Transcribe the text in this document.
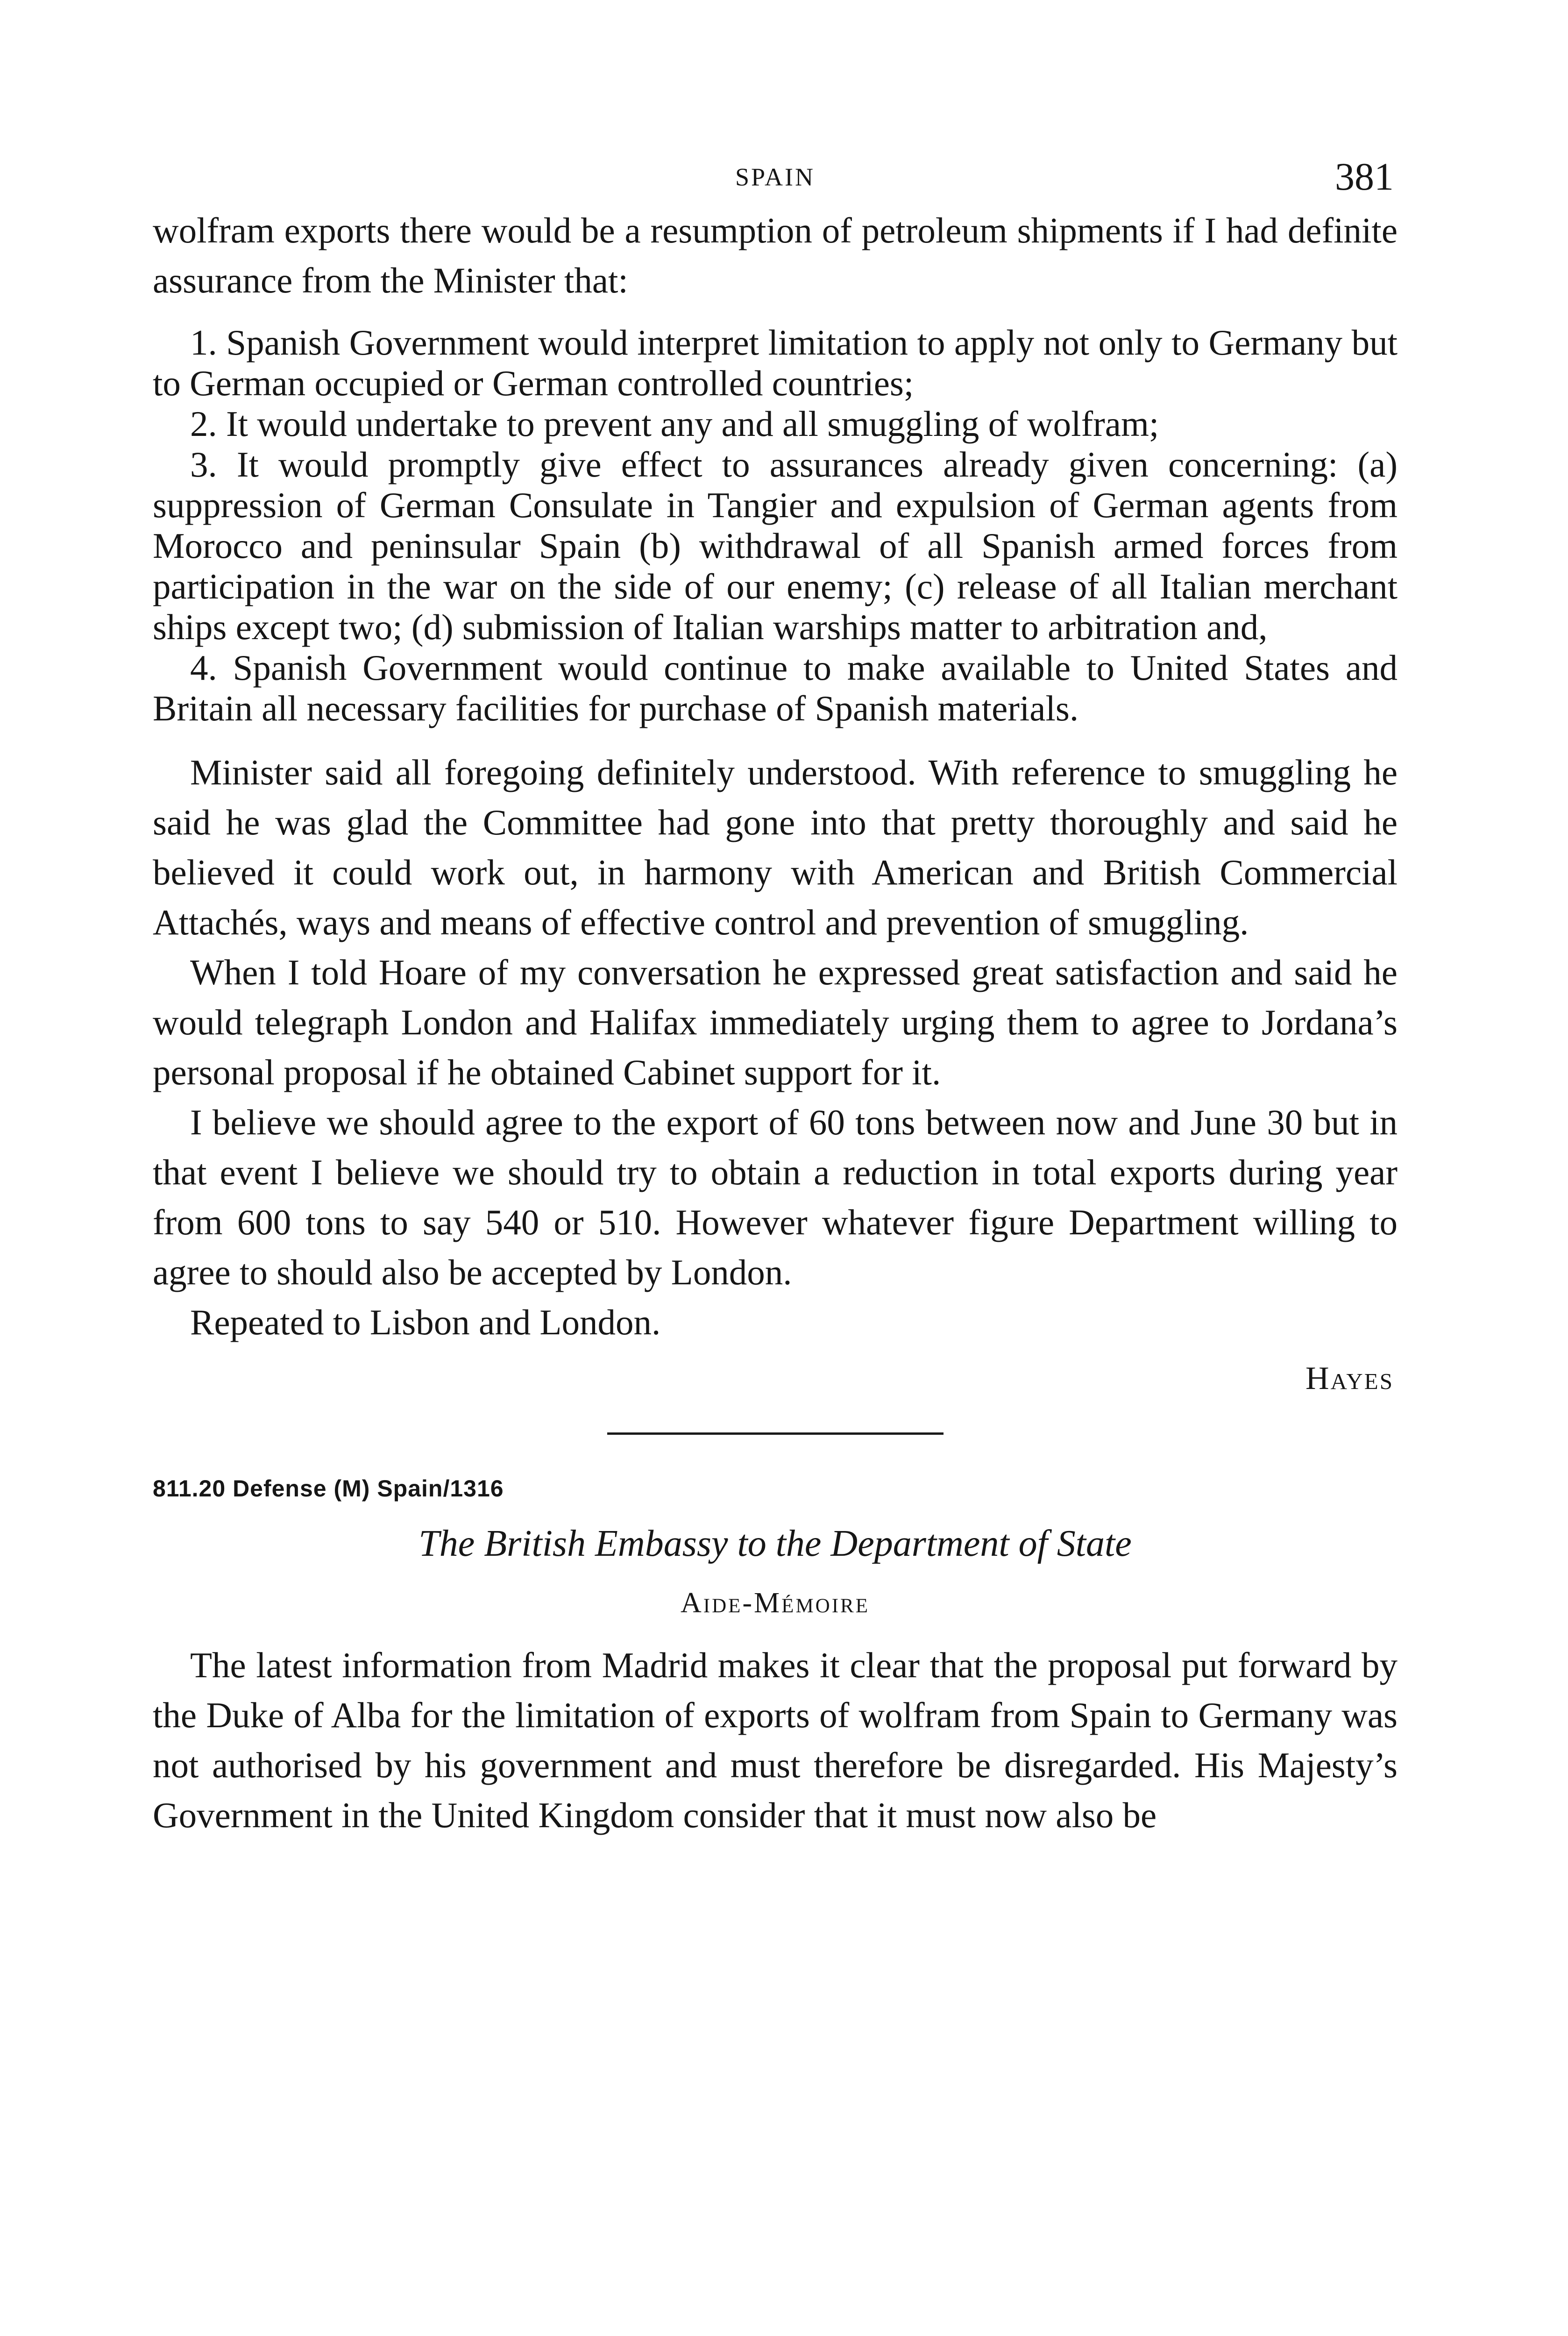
SPAIN	381

wolfram exports there would be a resumption of petroleum shipments if I had definite assurance from the Minister that:

1. Spanish Government would interpret limitation to apply not only to Germany but to German occupied or German controlled countries;

2. It would undertake to prevent any and all smuggling of wolfram;

3. It would promptly give effect to assurances already given concerning: (a) suppression of German Consulate in Tangier and expulsion of German agents from Morocco and peninsular Spain (b) withdrawal of all Spanish armed forces from participation in the war on the side of our enemy; (c) release of all Italian merchant ships except two; (d) submission of Italian warships matter to arbitration and,

4. Spanish Government would continue to make available to United States and Britain all necessary facilities for purchase of Spanish materials.

Minister said all foregoing definitely understood. With reference to smuggling he said he was glad the Committee had gone into that pretty thoroughly and said he believed it could work out, in harmony with American and British Commercial Attachés, ways and means of effective control and prevention of smuggling.

When I told Hoare of my conversation he expressed great satisfaction and said he would telegraph London and Halifax immediately urging them to agree to Jordana’s personal proposal if he obtained Cabinet support for it.

I believe we should agree to the export of 60 tons between now and June 30 but in that event I believe we should try to obtain a reduction in total exports during year from 600 tons to say 540 or 510. However whatever figure Department willing to agree to should also be accepted by London.

Repeated to Lisbon and London.

Hayes
811.20 Defense (M) Spain/1316
The British Embassy to the Department of State
Aide-Mémoire

The latest information from Madrid makes it clear that the proposal put forward by the Duke of Alba for the limitation of exports of wolfram from Spain to Germany was not authorised by his government and must therefore be disregarded. His Majesty’s Government in the United Kingdom consider that it must now also be
